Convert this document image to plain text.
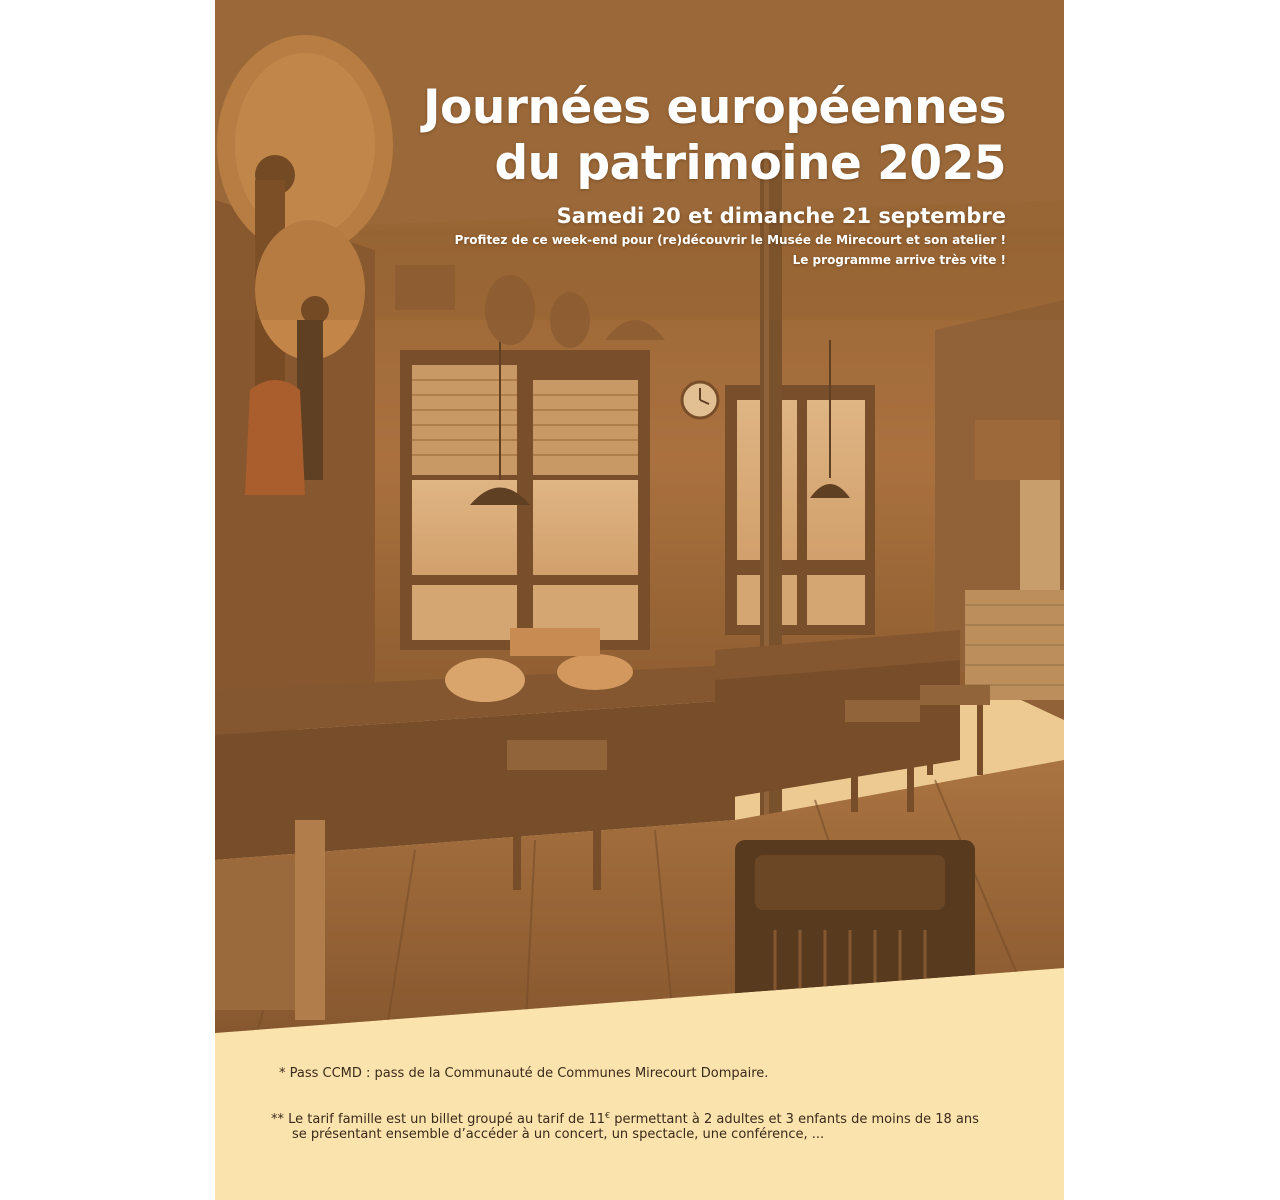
Journées européennes
du patrimoine 2025
Samedi 20 et dimanche 21 septembre
Profitez de ce week-end pour (re)découvrir le Musée de Mirecourt et son atelier !
Le programme arrive très vite !
* Pass CCMD : pass de la Communauté de Communes Mirecourt Dompaire.
** Le tarif famille est un billet groupé au tarif de 11€ permettant à 2 adultes et 3 enfants de moins de 18 ans
se présentant ensemble d’accéder à un concert, un spectacle, une conférence, ...
